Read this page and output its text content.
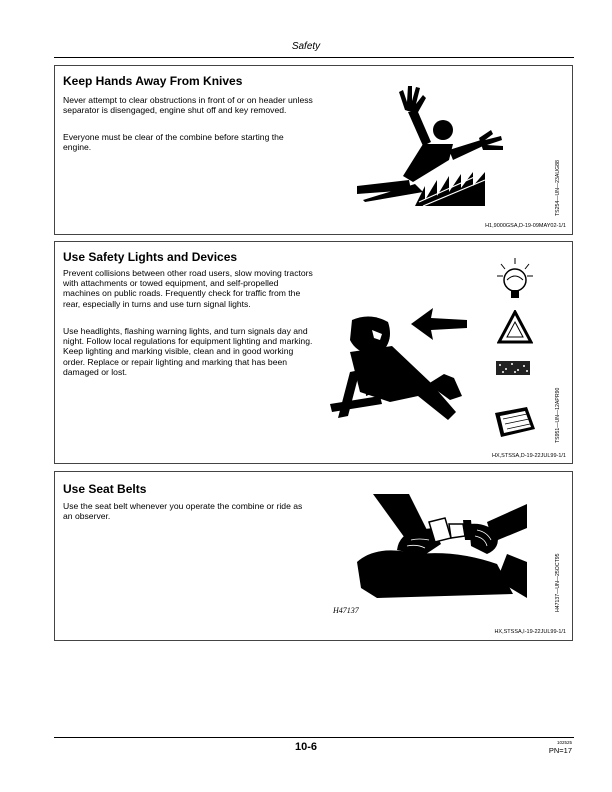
Safety
Keep Hands Away From Knives

Never attempt to clear obstructions in front of or on header unless separator is disengaged, engine shut off and key removed.

Everyone must be clear of the combine before starting the engine.

TS254—UN—23AUG88
H1,9000GSA,D-19-09MAY02-1/1
Use Safety Lights and Devices

Prevent collisions between other road users, slow moving tractors with attachments or towed equipment, and self-propelled machines on public roads. Frequently check for traffic from the rear, especially in turns and use turn signal lights.

Use headlights, flashing warning lights, and turn signals day and night. Follow local regulations for equipment lighting and marking. Keep lighting and marking visible, clean and in good working order. Replace or repair lighting and marking that has been damaged or lost.

TS951—UN—12APR90
HX,STSSA,D-19-22JUL99-1/1
Use Seat Belts

Use the seat belt whenever you operate the combine or ride as an observer.

H47137	H47137—UN—25OCT95
HX,STSSA,I-19-22JUL99-1/1
10-6	102525
PN=17
